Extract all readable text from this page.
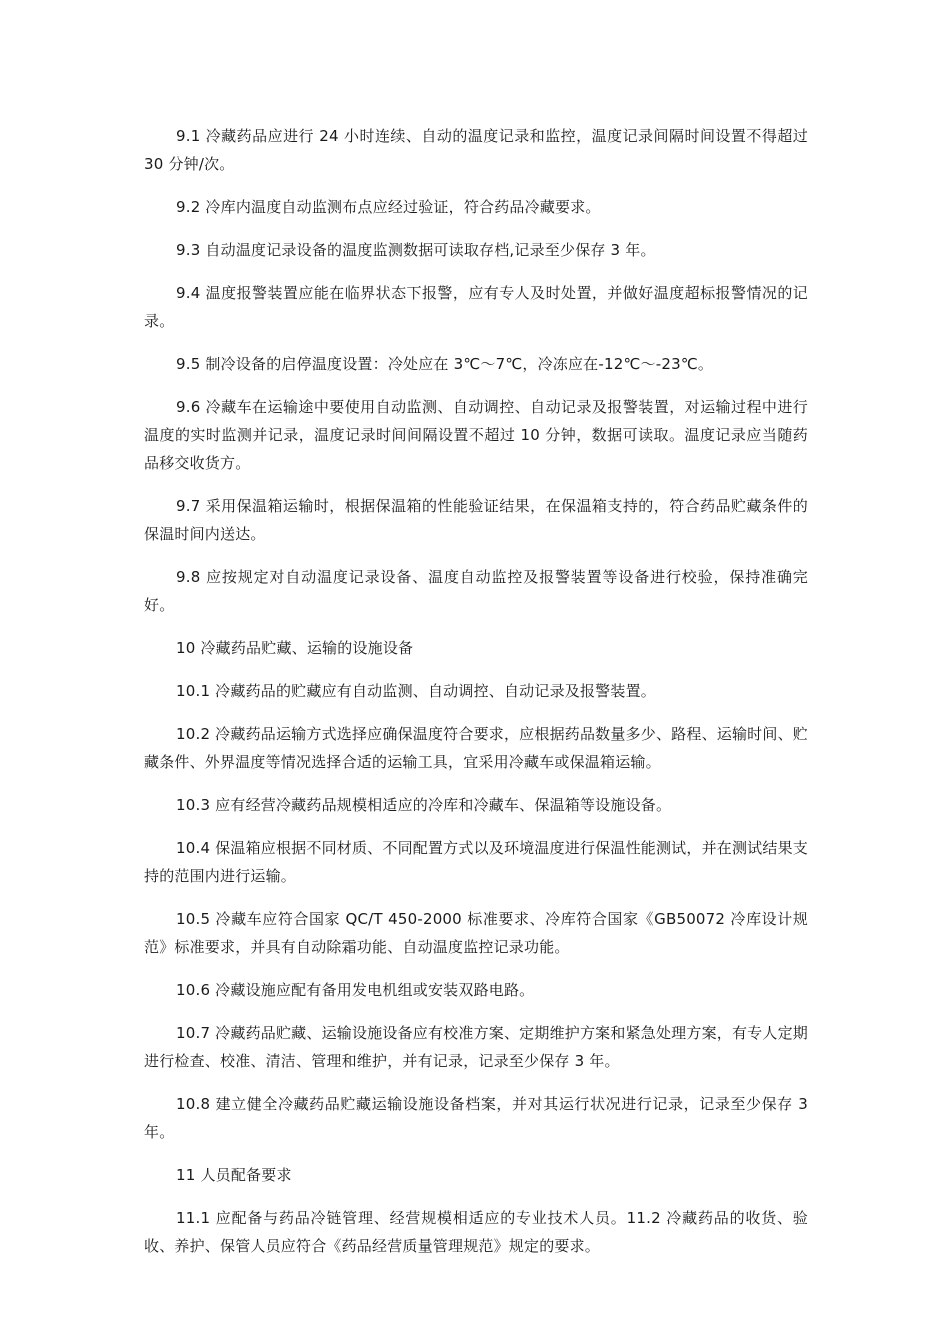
9.1 冷藏药品应进行 24 小时连续、自动的温度记录和监控，温度记录间隔时间设置不得超过 30 分钟/次。

9.2 冷库内温度自动监测布点应经过验证，符合药品冷藏要求。

9.3 自动温度记录设备的温度监测数据可读取存档,记录至少保存 3 年。

9.4 温度报警装置应能在临界状态下报警，应有专人及时处置，并做好温度超标报警情况的记录。

9.5 制冷设备的启停温度设置：冷处应在 3℃～7℃，冷冻应在-12℃～-23℃。

9.6 冷藏车在运输途中要使用自动监测、自动调控、自动记录及报警装置，对运输过程中进行温度的实时监测并记录，温度记录时间间隔设置不超过 10 分钟，数据可读取。温度记录应当随药品移交收货方。

9.7 采用保温箱运输时，根据保温箱的性能验证结果，在保温箱支持的，符合药品贮藏条件的保温时间内送达。

9.8 应按规定对自动温度记录设备、温度自动监控及报警装置等设备进行校验，保持准确完好。

10 冷藏药品贮藏、运输的设施设备

10.1 冷藏药品的贮藏应有自动监测、自动调控、自动记录及报警装置。

10.2 冷藏药品运输方式选择应确保温度符合要求，应根据药品数量多少、路程、运输时间、贮藏条件、外界温度等情况选择合适的运输工具，宜采用冷藏车或保温箱运输。

10.3 应有经营冷藏药品规模相适应的冷库和冷藏车、保温箱等设施设备。

10.4 保温箱应根据不同材质、不同配置方式以及环境温度进行保温性能测试，并在测试结果支持的范围内进行运输。

10.5 冷藏车应符合国家 QC/T 450-2000 标准要求、冷库符合国家《GB50072 冷库设计规范》标准要求，并具有自动除霜功能、自动温度监控记录功能。

10.6 冷藏设施应配有备用发电机组或安装双路电路。

10.7 冷藏药品贮藏、运输设施设备应有校准方案、定期维护方案和紧急处理方案，有专人定期进行检查、校准、清洁、管理和维护，并有记录，记录至少保存 3 年。

10.8 建立健全冷藏药品贮藏运输设施设备档案，并对其运行状况进行记录，记录至少保存 3 年。

11 人员配备要求

11.1 应配备与药品冷链管理、经营规模相适应的专业技术人员。11.2 冷藏药品的收货、验收、养护、保管人员应符合《药品经营质量管理规范》规定的要求。
